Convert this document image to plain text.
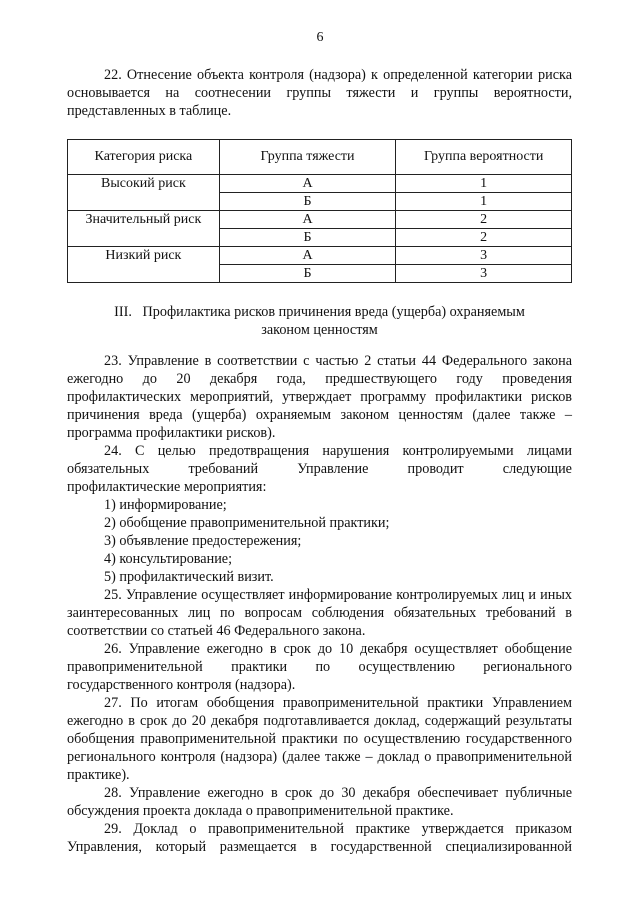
6

22. Отнесение объекта контроля (надзора) к определенной категории риска основывается на соотнесении группы тяжести и группы вероятности, представленных в таблице.

Категория риска	Группа тяжести	Группа вероятности
Высокий риск	А	1
	Б	1
Значительный риск	А	2
	Б	2
Низкий риск	А	3
	Б	3
III.   Профилактика рисков причинения вреда (ущерба) охраняемым
законом ценностям

23. Управление в соответствии с частью 2 статьи 44 Федерального закона ежегодно до 20 декабря года, предшествующего году проведения профилактических мероприятий, утверждает программу профилактики рисков причинения вреда (ущерба) охраняемым законом ценностям (далее также – программа профилактики рисков).

24. С целью предотвращения нарушения контролируемыми лицами

обязательных	требований	Управление	проводит	следующие

профилактические мероприятия:

1) информирование;

2) обобщение правоприменительной практики;

3) объявление предостережения;

4) консультирование;

5) профилактический визит.

25. Управление осуществляет информирование контролируемых лиц и иных заинтересованных лиц по вопросам соблюдения обязательных требований в соответствии со статьей 46 Федерального закона.

26. Управление ежегодно в срок до 10 декабря осуществляет обобщение правоприменительной практики по осуществлению регионального государственного контроля (надзора).

27. По итогам обобщения правоприменительной практики Управлением ежегодно в срок до 20 декабря подготавливается доклад, содержащий результаты обобщения правоприменительной практики по осуществлению государственного регионального контроля (надзора) (далее также – доклад о правоприменительной практике).

28. Управление ежегодно в срок до 30 декабря обеспечивает публичные обсуждения проекта доклада о правоприменительной практике.

29. Доклад о правоприменительной практике утверждается приказом Управления, который размещается в государственной специализированной
